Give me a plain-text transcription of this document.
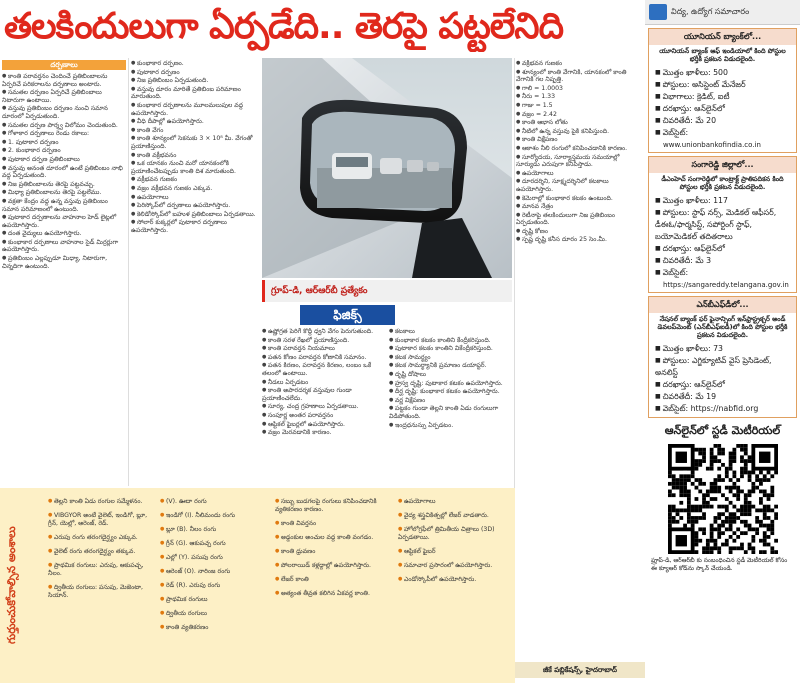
తలకిందులుగా ఏర్పడేది.. తెరపై పట్టలేనిది
దర్పణాలు

● కాంతి పరావర్తనం చెందించే ప్రతిబింబాలను ఏర్పరిచే పరికరాలను దర్పణాలు అంటారు.

● సమతల దర్పణం ఏర్పరిచే ప్రతిబింబాలు నిటారుగా ఉంటాయి.

● వస్తువు ప్రతిబింబం దర్పణం నుంచి సమాన దూరంలో ఏర్పడుతుంది.

● సమతల దర్పణ పార్శ్వ విలోమం చెందుతుంది.

● గోళాకార దర్పణాలు రెండు రకాలు:

● 1. పుటాకార దర్పణం

● 2. కుంభాకార దర్పణం

● పుటాకార దర్పణ ప్రతిబింబాలు

● వస్తువు అనంత దూరంలో ఉంటే ప్రతిబింబం నాభి వద్ద ఏర్పడుతుంది.

● నిజ ప్రతిబింబాలను తెరపై పట్టవచ్చు.

● మిధ్యా ప్రతిబింబాలను తెరపై పట్టలేము.

● వక్రతా కేంద్రం వద్ద ఉన్న వస్తువు ప్రతిబింబం సమాన పరిమాణంలో ఉంటుంది.

● పుటాకార దర్పణాలను వాహనాల హెడ్ లైట్లలో ఉపయోగిస్తారు.

● దంత వైద్యులు ఉపయోగిస్తారు.

● కుంభాకార దర్పణాలు వాహనాల సైడ్ మిర్రర్లుగా ఉపయోగిస్తారు.

● ప్రతిబింబం ఎల్లప్పుడూ మిధ్యా, నిటారుగా, చిన్నదిగా ఉంటుంది.

● కుంభాకార దర్పణం.

● పుటాకార దర్పణం

● నిజ ప్రతిబింబం ఏర్పడుతుంది.

● వస్తువు దూరం మారితే ప్రతిబింబ పరిమాణం మారుతుంది.

● కుంభాకార దర్పణాలను మూలమలుపుల వద్ద ఉపయోగిస్తారు.

● వీధి దీపాల్లో ఉపయోగిస్తారు.

● కాంతి వేగం

● కాంతి శూన్యంలో సెకనుకు 3 × 10⁸ మీ. వేగంతో ప్రయాణిస్తుంది.

● కాంతి వక్రీభవనం

● ఒక యానకం నుంచి మరో యానకంలోకి ప్రయాణించేటప్పుడు కాంతి దిశ మారుతుంది.

● వక్రీభవన గుణకం

● వజ్రం వక్రీభవన గుణకం ఎక్కువ.

● ఉపయోగాలు

● పెరిస్కోప్‌లో దర్పణాలు ఉపయోగిస్తారు.

● కెలిడోస్కోప్‌లో బహుళ ప్రతిబింబాలు ఏర్పడతాయి.

● సోలార్ కుక్కర్లలో పుటాకార దర్పణాలు ఉపయోగిస్తారు.

గ్రూప్-డి, ఆర్ఆర్‌బీ ప్రత్యేకం
ఫిజిక్స్

● ఉష్ణోగ్రత పెరిగే కొద్దీ ధ్వని వేగం పెరుగుతుంది.

● కాంతి సరళ రేఖలో ప్రయాణిస్తుంది.

● కాంతి పరావర్తన నియమాలు

● పతన కోణం పరావర్తన కోణానికి సమానం.

● పతన కిరణం, పరావర్తన కిరణం, లంబం ఒకే తలంలో ఉంటాయి.

● నీడలు ఏర్పడటం

● కాంతి అపారదర్శక వస్తువుల గుండా ప్రయాణించలేదు.

● సూర్య, చంద్ర గ్రహణాలు ఏర్పడతాయి.

● సంపూర్ణ అంతర పరావర్తనం

● ఆప్టికల్ ఫైబర్లలో ఉపయోగిస్తారు.

● వజ్రం మెరవడానికి కారణం.

● కటకాలు

● కుంభాకార కటకం కాంతిని కేంద్రీకరిస్తుంది.

● పుటాకార కటకం కాంతిని వికేంద్రీకరిస్తుంది.

● కటక సామర్థ్యం

● కటక సామర్థ్యానికి ప్రమాణం డయాప్టర్.

● దృష్టి దోషాలు

● హ్రస్వ దృష్టి: పుటాకార కటకం ఉపయోగిస్తారు.

● దీర్ఘ దృష్టి: కుంభాకార కటకం ఉపయోగిస్తారు.

● వర్ణ విక్షేపణం

● పట్టకం గుండా తెల్లని కాంతి ఏడు రంగులుగా విడిపోతుంది.

● ఇంద్రధనుస్సు ఏర్పడటం.

● వక్రీభవన గుణకం

● శూన్యంలో కాంతి వేగానికి, యానకంలో కాంతి వేగానికి గల నిష్పత్తి.

● గాలి = 1.0003

● నీరు = 1.33

● గాజు = 1.5

● వజ్రం = 2.42

● కాంతి ఆభాస లోతు

● నీటిలో ఉన్న వస్తువు పైకి కనిపిస్తుంది.

● కాంతి విక్షేపణం

● ఆకాశం నీలి రంగులో కనిపించడానికి కారణం.

● సూర్యోదయ, సూర్యాస్తమయ సమయాల్లో సూర్యుడు ఎరుపుగా కనిపిస్తాడు.

● ఉపయోగాలు

● దూరదర్శిని, సూక్ష్మదర్శినిలో కటకాలు ఉపయోగిస్తారు.

● కెమెరాల్లో కుంభాకార కటకం ఉంటుంది.

● మానవ నేత్రం

● రెటీనాపై తలకిందులుగా నిజ ప్రతిబింబం ఏర్పడుతుంది.

● దృష్టి కోణం

● స్పష్ట దృష్టి కనీస దూరం 25 సెం.మీ.

గుర్తుంచుకోవాల్సిన అంశాలు

● తెల్లని కాంతి ఏడు రంగుల సమ్మేళనం.

● VIBGYOR అంటే వైలెట్, ఇండిగో, బ్లూ, గ్రీన్, యెల్లో, ఆరెంజ్, రెడ్.

● ఎరుపు రంగు తరంగదైర్ఘ్యం ఎక్కువ.

● వైలెట్ రంగు తరంగదైర్ఘ్యం తక్కువ.

● ప్రాథమిక రంగులు: ఎరుపు, ఆకుపచ్చ, నీలం.

● ద్వితీయ రంగులు: పసుపు, మెజెంటా, సియాన్.

● (V). ఊదా రంగు

● ఇండిగో (I). నీలిమందు రంగు

● బ్లూ (B). నీలం రంగు

● గ్రీన్ (G). ఆకుపచ్చ రంగు

● ఎల్లో (Y). పసుపు రంగు

● ఆరెంజ్ (O). నారింజ రంగు

● రెడ్ (R). ఎరుపు రంగు

● ప్రాథమిక రంగులు

● ద్వితీయ రంగులు

● కాంతి వ్యతికరణం

● సబ్బు బుడగలపై రంగులు కనిపించడానికి వ్యతికరణం కారణం.

● కాంతి వివర్తనం

● అడ్డంకుల అంచుల వద్ద కాంతి వంగడం.

● కాంతి ధ్రువణం

● పోలరాయిడ్ కళ్లద్దాల్లో ఉపయోగిస్తారు.

● లేజర్ కాంతి

● అత్యంత తీవ్రత కలిగిన ఏకవర్ణ కాంతి.

● ఉపయోగాలు

● వైద్య శస్త్రచికిత్సల్లో లేజర్ వాడతారు.

● హోలోగ్రఫీలో త్రిమితీయ చిత్రాలు (3D) ఏర్పడతాయి.

● ఆప్టికల్ ఫైబర్

● సమాచార ప్రసారంలో ఉపయోగిస్తారు.

● ఎండోస్కోపీలో ఉపయోగిస్తారు.

జీకే పబ్లికేషన్స్, హైదరాబాద్
విద్య, ఉద్యోగ సమాచారం
యూనియన్ బ్యాంక్‌లో...
యూనియన్ బ్యాంక్ ఆఫ్ ఇండియాలో కింది పోస్టుల భర్తీకి ప్రకటన విడుదలైంది.
■ మొత్తం ఖాళీలు: 500
■ పోస్టులు: అసిస్టెంట్ మేనేజర్
■ విభాగాలు: క్రెడిట్, ఐటీ
■ దరఖాస్తు: ఆన్‌లైన్‌లో
■ చివరితేదీ: మే 20
■ వెబ్‌సైట్:
www.unionbankofindia.co.in
సంగారెడ్డి జిల్లాలో...
డీఎంహెచ్ సంగారెడ్డిలో కాంట్రాక్ట్ ప్రాతిపదికన కింది పోస్టుల భర్తీకి ప్రకటన విడుదలైంది.
■ మొత్తం ఖాళీలు: 117
■ పోస్టులు: స్టాఫ్ నర్స్, మెడికల్ ఆఫీసర్, డీఈఓ/ఫార్మసిస్ట్, సపోర్టింగ్ స్టాఫ్, బయోమెడికల్ తదితరాలు
■ దరఖాస్తు: ఆఫ్‌లైన్‌లో
■ చివరితేదీ: మే 3
■ వెబ్‌సైట్:
https://sangareddy.telangana.gov.in
ఎన్‌బీఎఫ్‌డీలో...
నేషనల్ బ్యాంక్ ఫర్ ఫైనాన్సింగ్ ఇన్‌ఫ్రాస్ట్రక్చర్ అండ్ డెవలప్‌మెంట్ (ఎన్‌బీఎఫ్‌ఐడీ)లో కింది పోస్టుల భర్తీకి ప్రకటన విడుదలైంది.
■ మొత్తం ఖాళీలు: 73
■ పోస్టులు: ఎగ్జిక్యూటివ్ వైస్ ప్రెసిడెంట్, అనలిస్ట్
■ దరఖాస్తు: ఆన్‌లైన్‌లో
■ చివరితేదీ: మే 19
■ వెబ్‌సైట్: https://nabfid.org
ఆన్‌లైన్‌లో స్టడీ మెటీరియల్
ఫ్రూప్-డి, ఆర్ఆర్‌బీ కు సంబంధించిన స్టడీ మెటీరియల్ కోసం ఈ క్యూఆర్ కోడ్‌ను స్కాన్ చేయండి.
